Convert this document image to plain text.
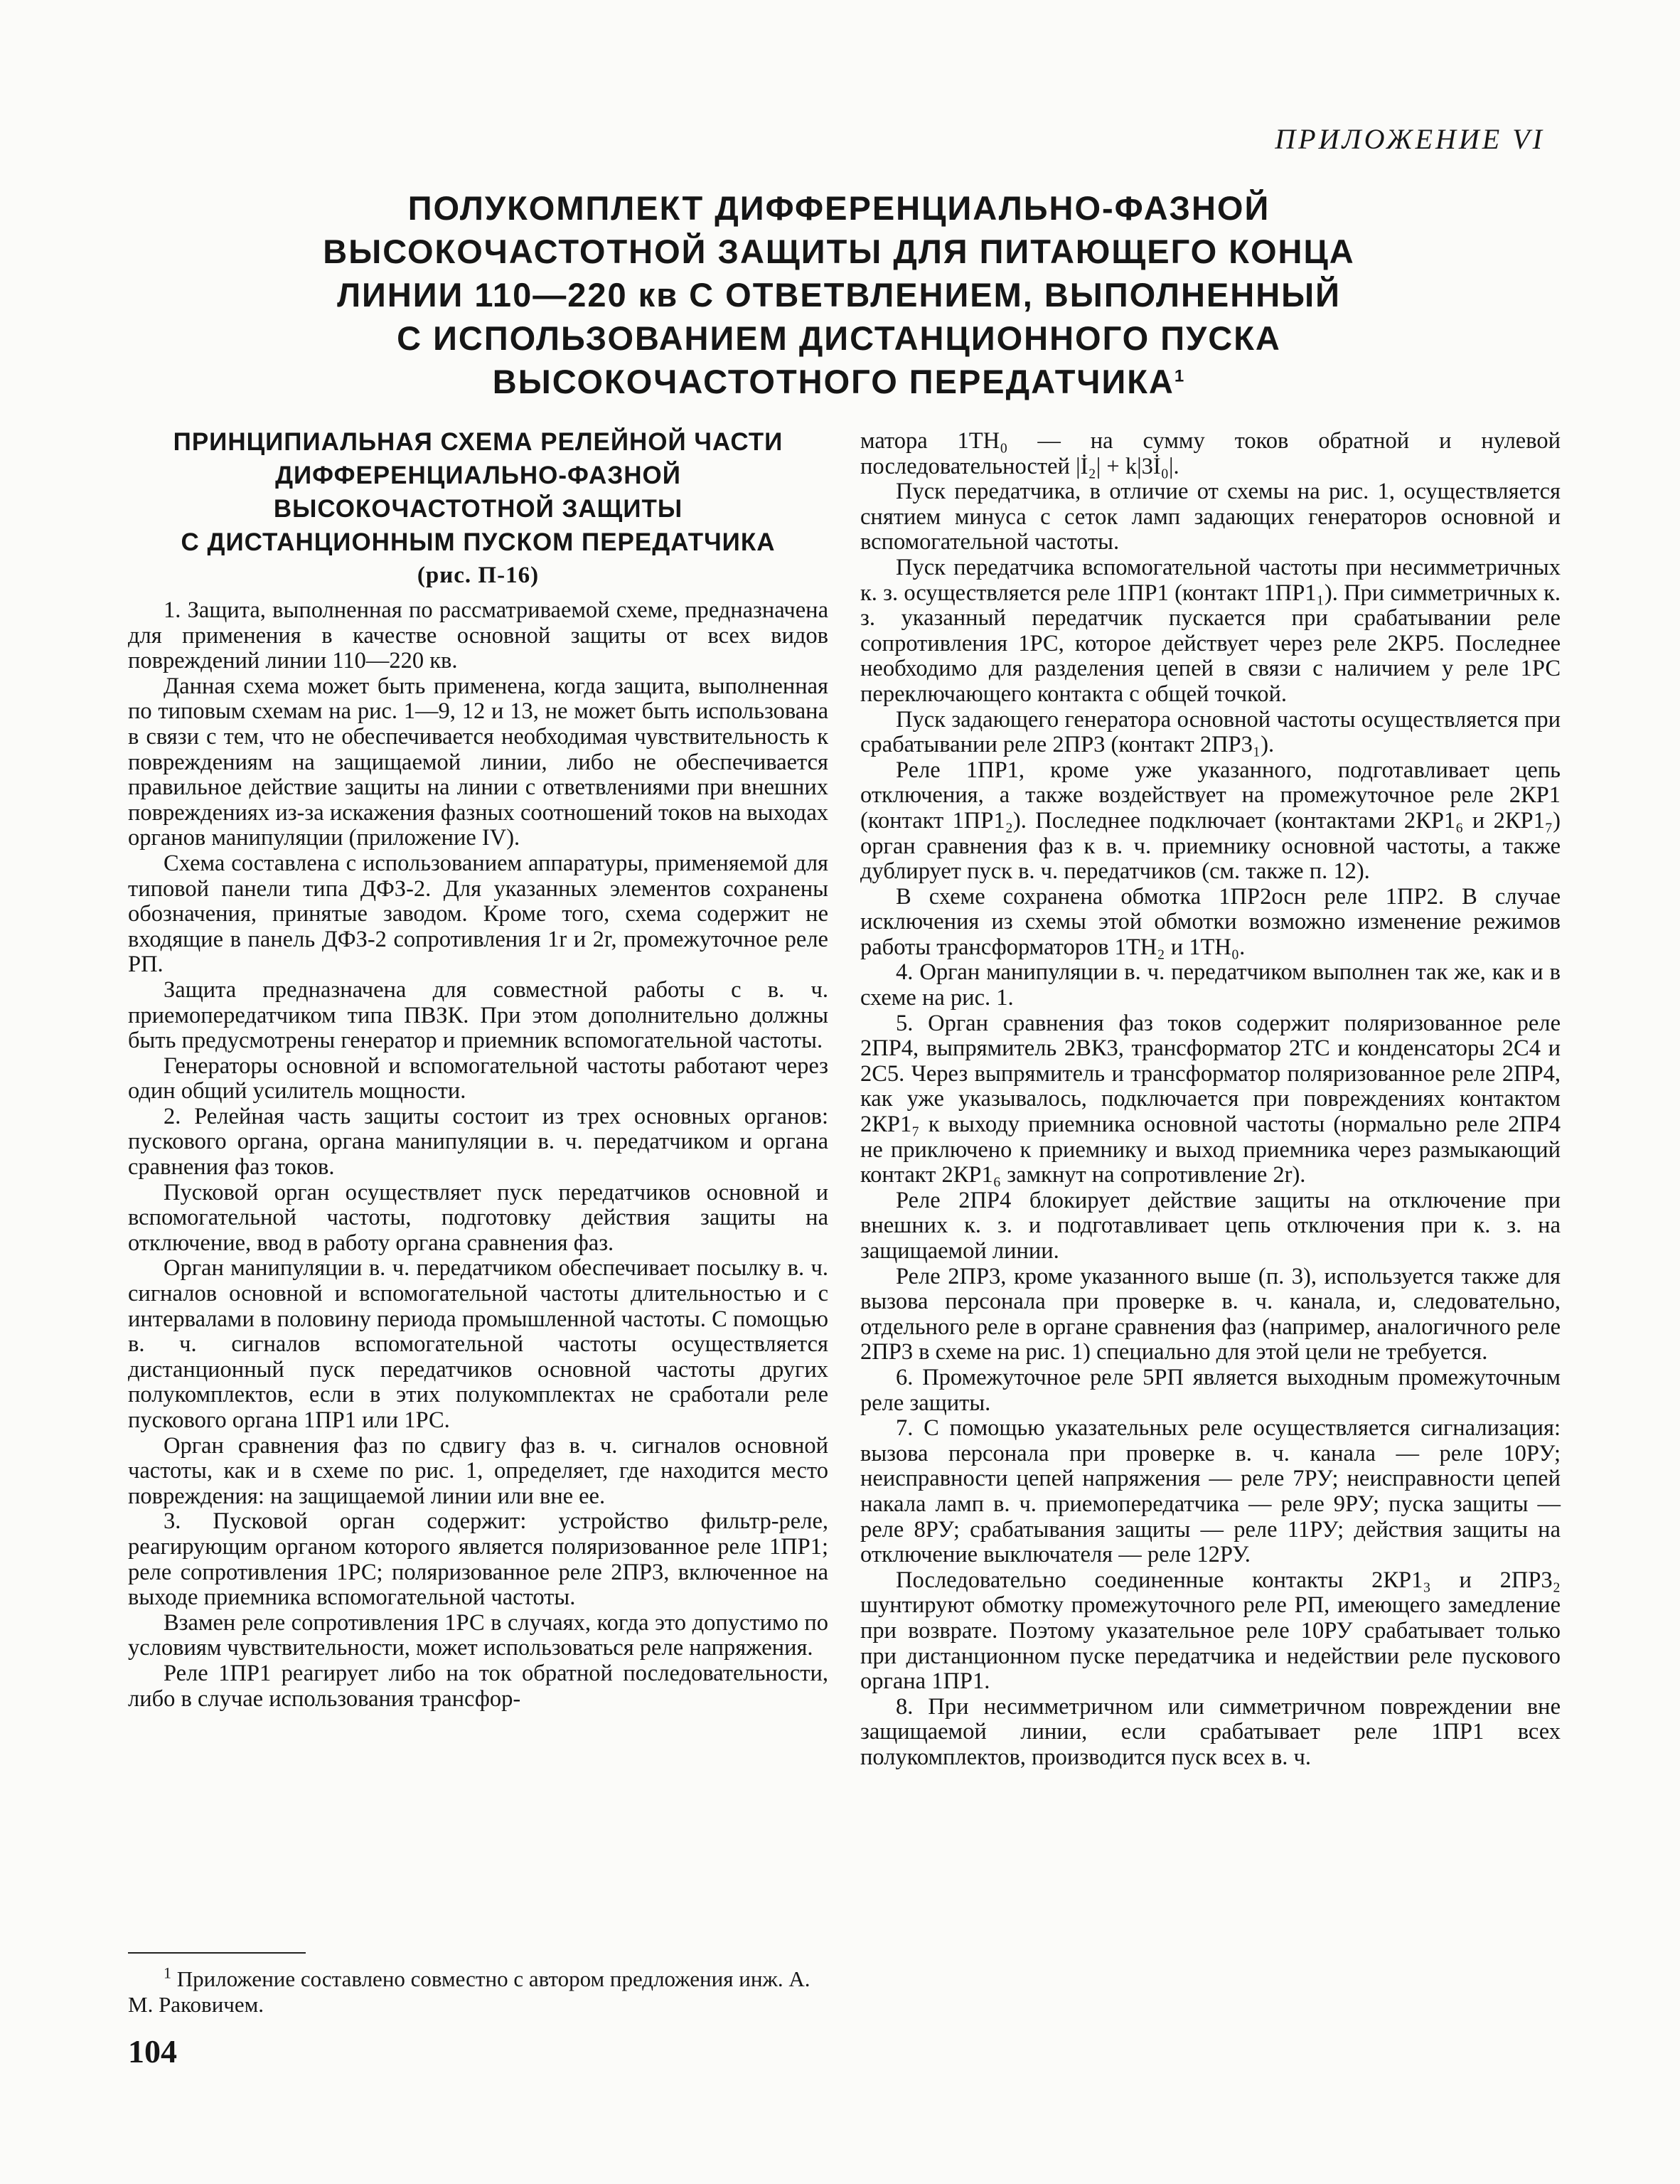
ПРИЛОЖЕНИЕ VI
ПОЛУКОМПЛЕКТ ДИФФЕРЕНЦИАЛЬНО-ФАЗНОЙ
ВЫСОКОЧАСТОТНОЙ ЗАЩИТЫ ДЛЯ ПИТАЮЩЕГО КОНЦА
ЛИНИИ 110—220 кв С ОТВЕТВЛЕНИЕМ, ВЫПОЛНЕННЫЙ
С ИСПОЛЬЗОВАНИЕМ ДИСТАНЦИОННОГО ПУСКА
ВЫСОКОЧАСТОТНОГО ПЕРЕДАТЧИКА$^1$
ПРИНЦИПИАЛЬНАЯ СХЕМА РЕЛЕЙНОЙ ЧАСТИ
ДИФФЕРЕНЦИАЛЬНО-ФАЗНОЙ
ВЫСОКОЧАСТОТНОЙ ЗАЩИТЫ
С ДИСТАНЦИОННЫМ ПУСКОМ ПЕРЕДАТЧИКА
(рис. П-16)

1. Защита, выполненная по рассматриваемой схеме, предназначена для применения в качестве основной защиты от всех видов повреждений линии 110—220 кв.

Данная схема может быть применена, когда защита, выполненная по типовым схемам на рис. 1—9, 12 и 13, не может быть использована в связи с тем, что не обеспечивается необходимая чувствительность к повреждениям на защищаемой линии, либо не обеспечивается правильное действие защиты на линии с ответвлениями при внешних повреждениях из-за искажения фазных соотношений токов на выходах органов манипуляции (приложение IV).

Схема составлена с использованием аппаратуры, применяемой для типовой панели типа ДФЗ-2. Для указанных элементов сохранены обозначения, принятые заводом. Кроме того, схема содержит не входящие в панель ДФЗ-2 сопротивления 1r и 2r, промежуточное реле РП.

Защита предназначена для совместной работы с в. ч. приемопередатчиком типа ПВЗК. При этом дополнительно должны быть предусмотрены генератор и приемник вспомогательной частоты.

Генераторы основной и вспомогательной частоты работают через один общий усилитель мощности.

2. Релейная часть защиты состоит из трех основных органов: пускового органа, органа манипуляции в. ч. передатчиком и органа сравнения фаз токов.

Пусковой орган осуществляет пуск передатчиков основной и вспомогательной частоты, подготовку действия защиты на отключение, ввод в работу органа сравнения фаз.

Орган манипуляции в. ч. передатчиком обеспечивает посылку в. ч. сигналов основной и вспомогательной частоты длительностью и с интервалами в половину периода промышленной частоты. С помощью в. ч. сигналов вспомогательной частоты осуществляется дистанционный пуск передатчиков основной частоты других полукомплектов, если в этих полукомплектах не сработали реле пускового органа 1ПР1 или 1РС.

Орган сравнения фаз по сдвигу фаз в. ч. сигналов основной частоты, как и в схеме по рис. 1, определяет, где находится место повреждения: на защищаемой линии или вне ее.

3. Пусковой орган содержит: устройство фильтр-реле, реагирующим органом которого является поляризованное реле 1ПР1; реле сопротивления 1РС; поляризованное реле 2ПР3, включенное на выходе приемника вспомогательной частоты.

Взамен реле сопротивления 1РС в случаях, когда это допустимо по условиям чувствительности, может использоваться реле напряжения.

Реле 1ПР1 реагирует либо на ток обратной последовательности, либо в случае использования трансфор-

матора 1ТН₀ — на сумму токов обратной и нулевой последовательностей |İ₂| + k|3İ₀|.

Пуск передатчика, в отличие от схемы на рис. 1, осуществляется снятием минуса с сеток ламп задающих генераторов основной и вспомогательной частоты.

Пуск передатчика вспомогательной частоты при несимметричных к. з. осуществляется реле 1ПР1 (контакт 1ПР1₁). При симметричных к. з. указанный передатчик пускается при срабатывании реле сопротивления 1РС, которое действует через реле 2КР5. Последнее необходимо для разделения цепей в связи с наличием у реле 1РС переключающего контакта с общей точкой.

Пуск задающего генератора основной частоты осуществляется при срабатывании реле 2ПР3 (контакт 2ПР3₁).

Реле 1ПР1, кроме уже указанного, подготавливает цепь отключения, а также воздействует на промежуточное реле 2КР1 (контакт 1ПР1₂). Последнее подключает (контактами 2КР1₆ и 2КР1₇) орган сравнения фаз к в. ч. приемнику основной частоты, а также дублирует пуск в. ч. передатчиков (см. также п. 12).

В схеме сохранена обмотка 1ПР2осн реле 1ПР2. В случае исключения из схемы этой обмотки возможно изменение режимов работы трансформаторов 1ТН₂ и 1ТН₀.

4. Орган манипуляции в. ч. передатчиком выполнен так же, как и в схеме на рис. 1.

5. Орган сравнения фаз токов содержит поляризованное реле 2ПР4, выпрямитель 2ВК3, трансформатор 2ТС и конденсаторы 2С4 и 2С5. Через выпрямитель и трансформатор поляризованное реле 2ПР4, как уже указывалось, подключается при повреждениях контактом 2КР1₇ к выходу приемника основной частоты (нормально реле 2ПР4 не приключено к приемнику и выход приемника через размыкающий контакт 2КР1₆ замкнут на сопротивление 2r).

Реле 2ПР4 блокирует действие защиты на отключение при внешних к. з. и подготавливает цепь отключения при к. з. на защищаемой линии.

Реле 2ПР3, кроме указанного выше (п. 3), используется также для вызова персонала при проверке в. ч. канала, и, следовательно, отдельного реле в органе сравнения фаз (например, аналогичного реле 2ПР3 в схеме на рис. 1) специально для этой цели не требуется.

6. Промежуточное реле 5РП является выходным промежуточным реле защиты.

7. С помощью указательных реле осуществляется сигнализация: вызова персонала при проверке в. ч. канала — реле 10РУ; неисправности цепей напряжения — реле 7РУ; неисправности цепей накала ламп в. ч. приемопередатчика — реле 9РУ; пуска защиты — реле 8РУ; срабатывания защиты — реле 11РУ; действия защиты на отключение выключателя — реле 12РУ.

Последовательно соединенные контакты 2КР1₃ и 2ПР3₂ шунтируют обмотку промежуточного реле РП, имеющего замедление при возврате. Поэтому указательное реле 10РУ срабатывает только при дистанционном пуске передатчика и недействии реле пускового органа 1ПР1.

8. При несимметричном или симметричном повреждении вне защищаемой линии, если срабатывает реле 1ПР1 всех полукомплектов, производится пуск всех в. ч.

$^1$ Приложение составлено совместно с автором предложения инж. А. М. Раковичем.

104
